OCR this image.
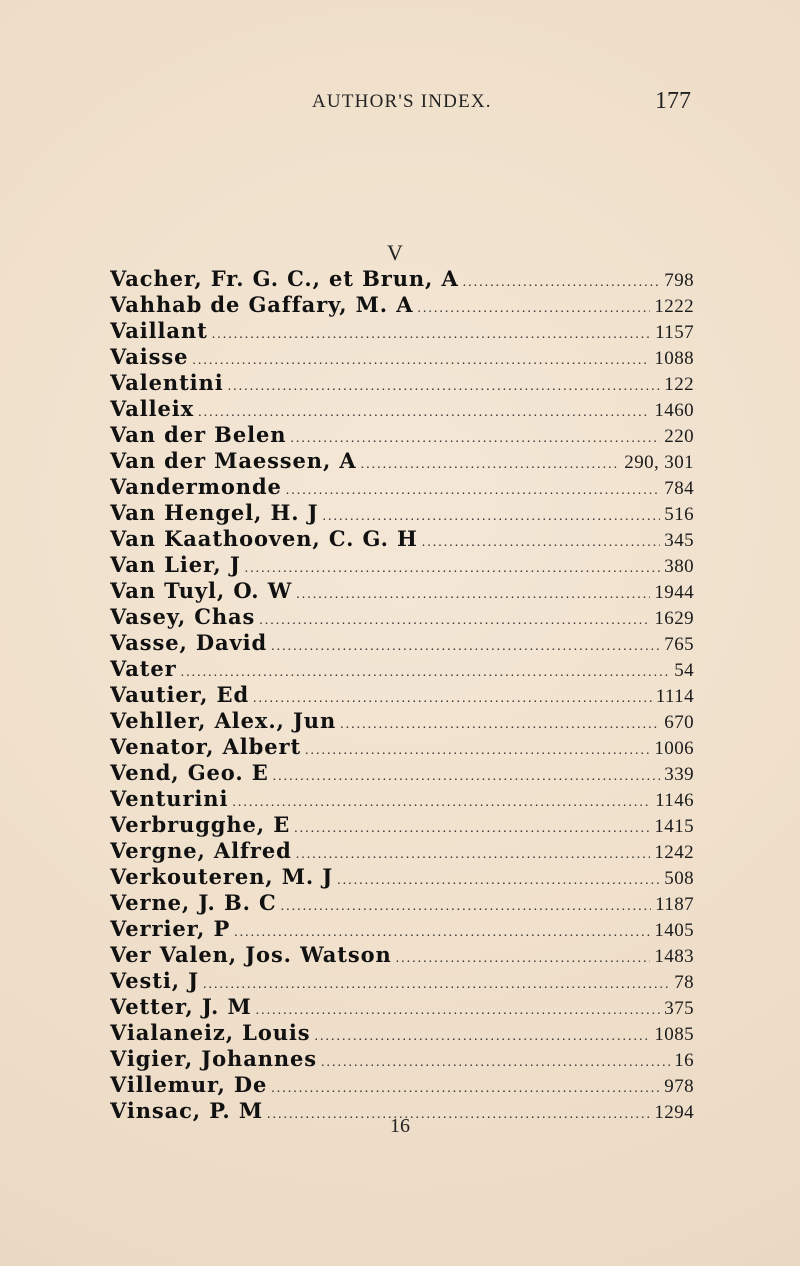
AUTHOR'S INDEX.	177
V
Vacher, Fr. G. C., et Brun, A .....	798
Vahhab de Gaffary, M. A .....	1222
Vaillant .....	1157
Vaisse .....	1088
Valentini .....	122
Valleix .....	1460
Van der Belen .....	220
Van der Maessen, A .....	290, 301
Vandermonde .....	784
Van Hengel, H. J .....	516
Van Kaathooven, C. G. H .....	345
Van Lier, J .....	380
Van Tuyl, O. W .....	1944
Vasey, Chas .....	1629
Vasse, David .....	765
Vater .....	54
Vautier, Ed .....	1114
Vehller, Alex., Jun .....	670
Venator, Albert .....	1006
Vend, Geo. E .....	339
Venturini .....	1146
Verbrugghe, E .....	1415
Vergne, Alfred .....	1242
Verkouteren, M. J .....	508
Verne, J. B. C .....	1187
Verrier, P .....	1405
Ver Valen, Jos. Watson .....	1483
Vesti, J .....	78
Vetter, J. M .....	375
Vialaneiz, Louis .....	1085
Vigier, Johannes .....	16
Villemur, De .....	978
Vinsac, P. M .....	1294
16
